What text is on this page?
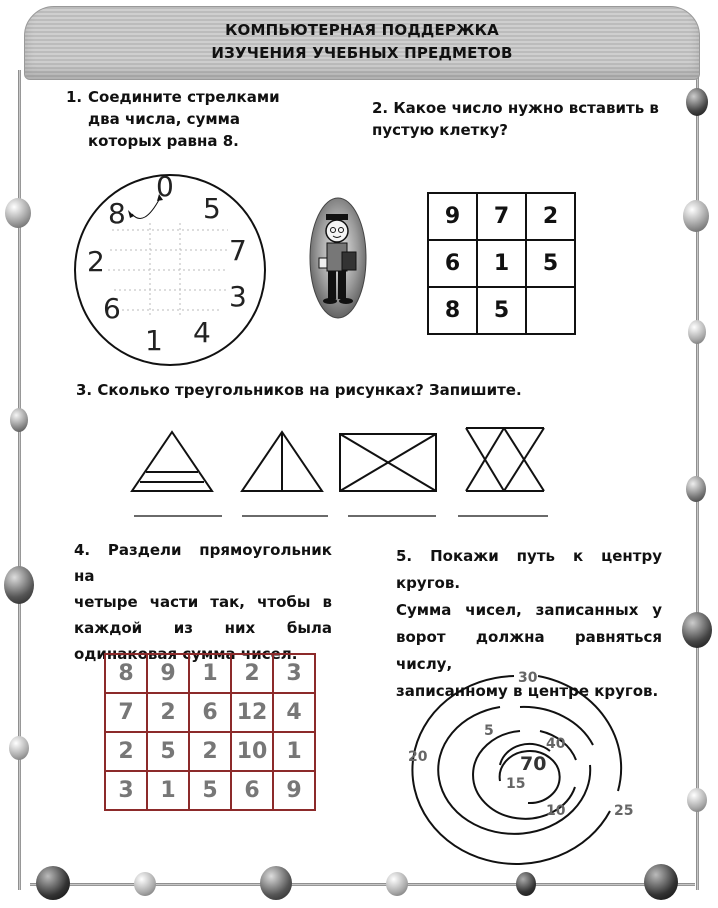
КОМПЬЮТЕРНАЯ ПОДДЕРЖКА
ИЗУЧЕНИЯ УЧЕБНЫХ ПРЕДМЕТОВ
1. Соедините стрелками
два числа, сумма
которых равна 8.
0
5
7
3
4
1
6
2
8
2. Какое число нужно вставить в
пустую клетку?
9	7	2
6	1	5
8	5	
3. Сколько треугольников на рисунках? Запишите.
4. Раздели прямоугольник на
четыре части так, чтобы в
каждой из них была
одинаковая сумма чисел.
8	9	1	2	3
7	2	6	12	4
2	5	2	10	1
3	1	5	6	9
5. Покажи путь к центру кругов.
Сумма чисел, записанных у
ворот должна равняться числу,
записанному в центре кругов.
30
20
5
40
70
15
10	25
